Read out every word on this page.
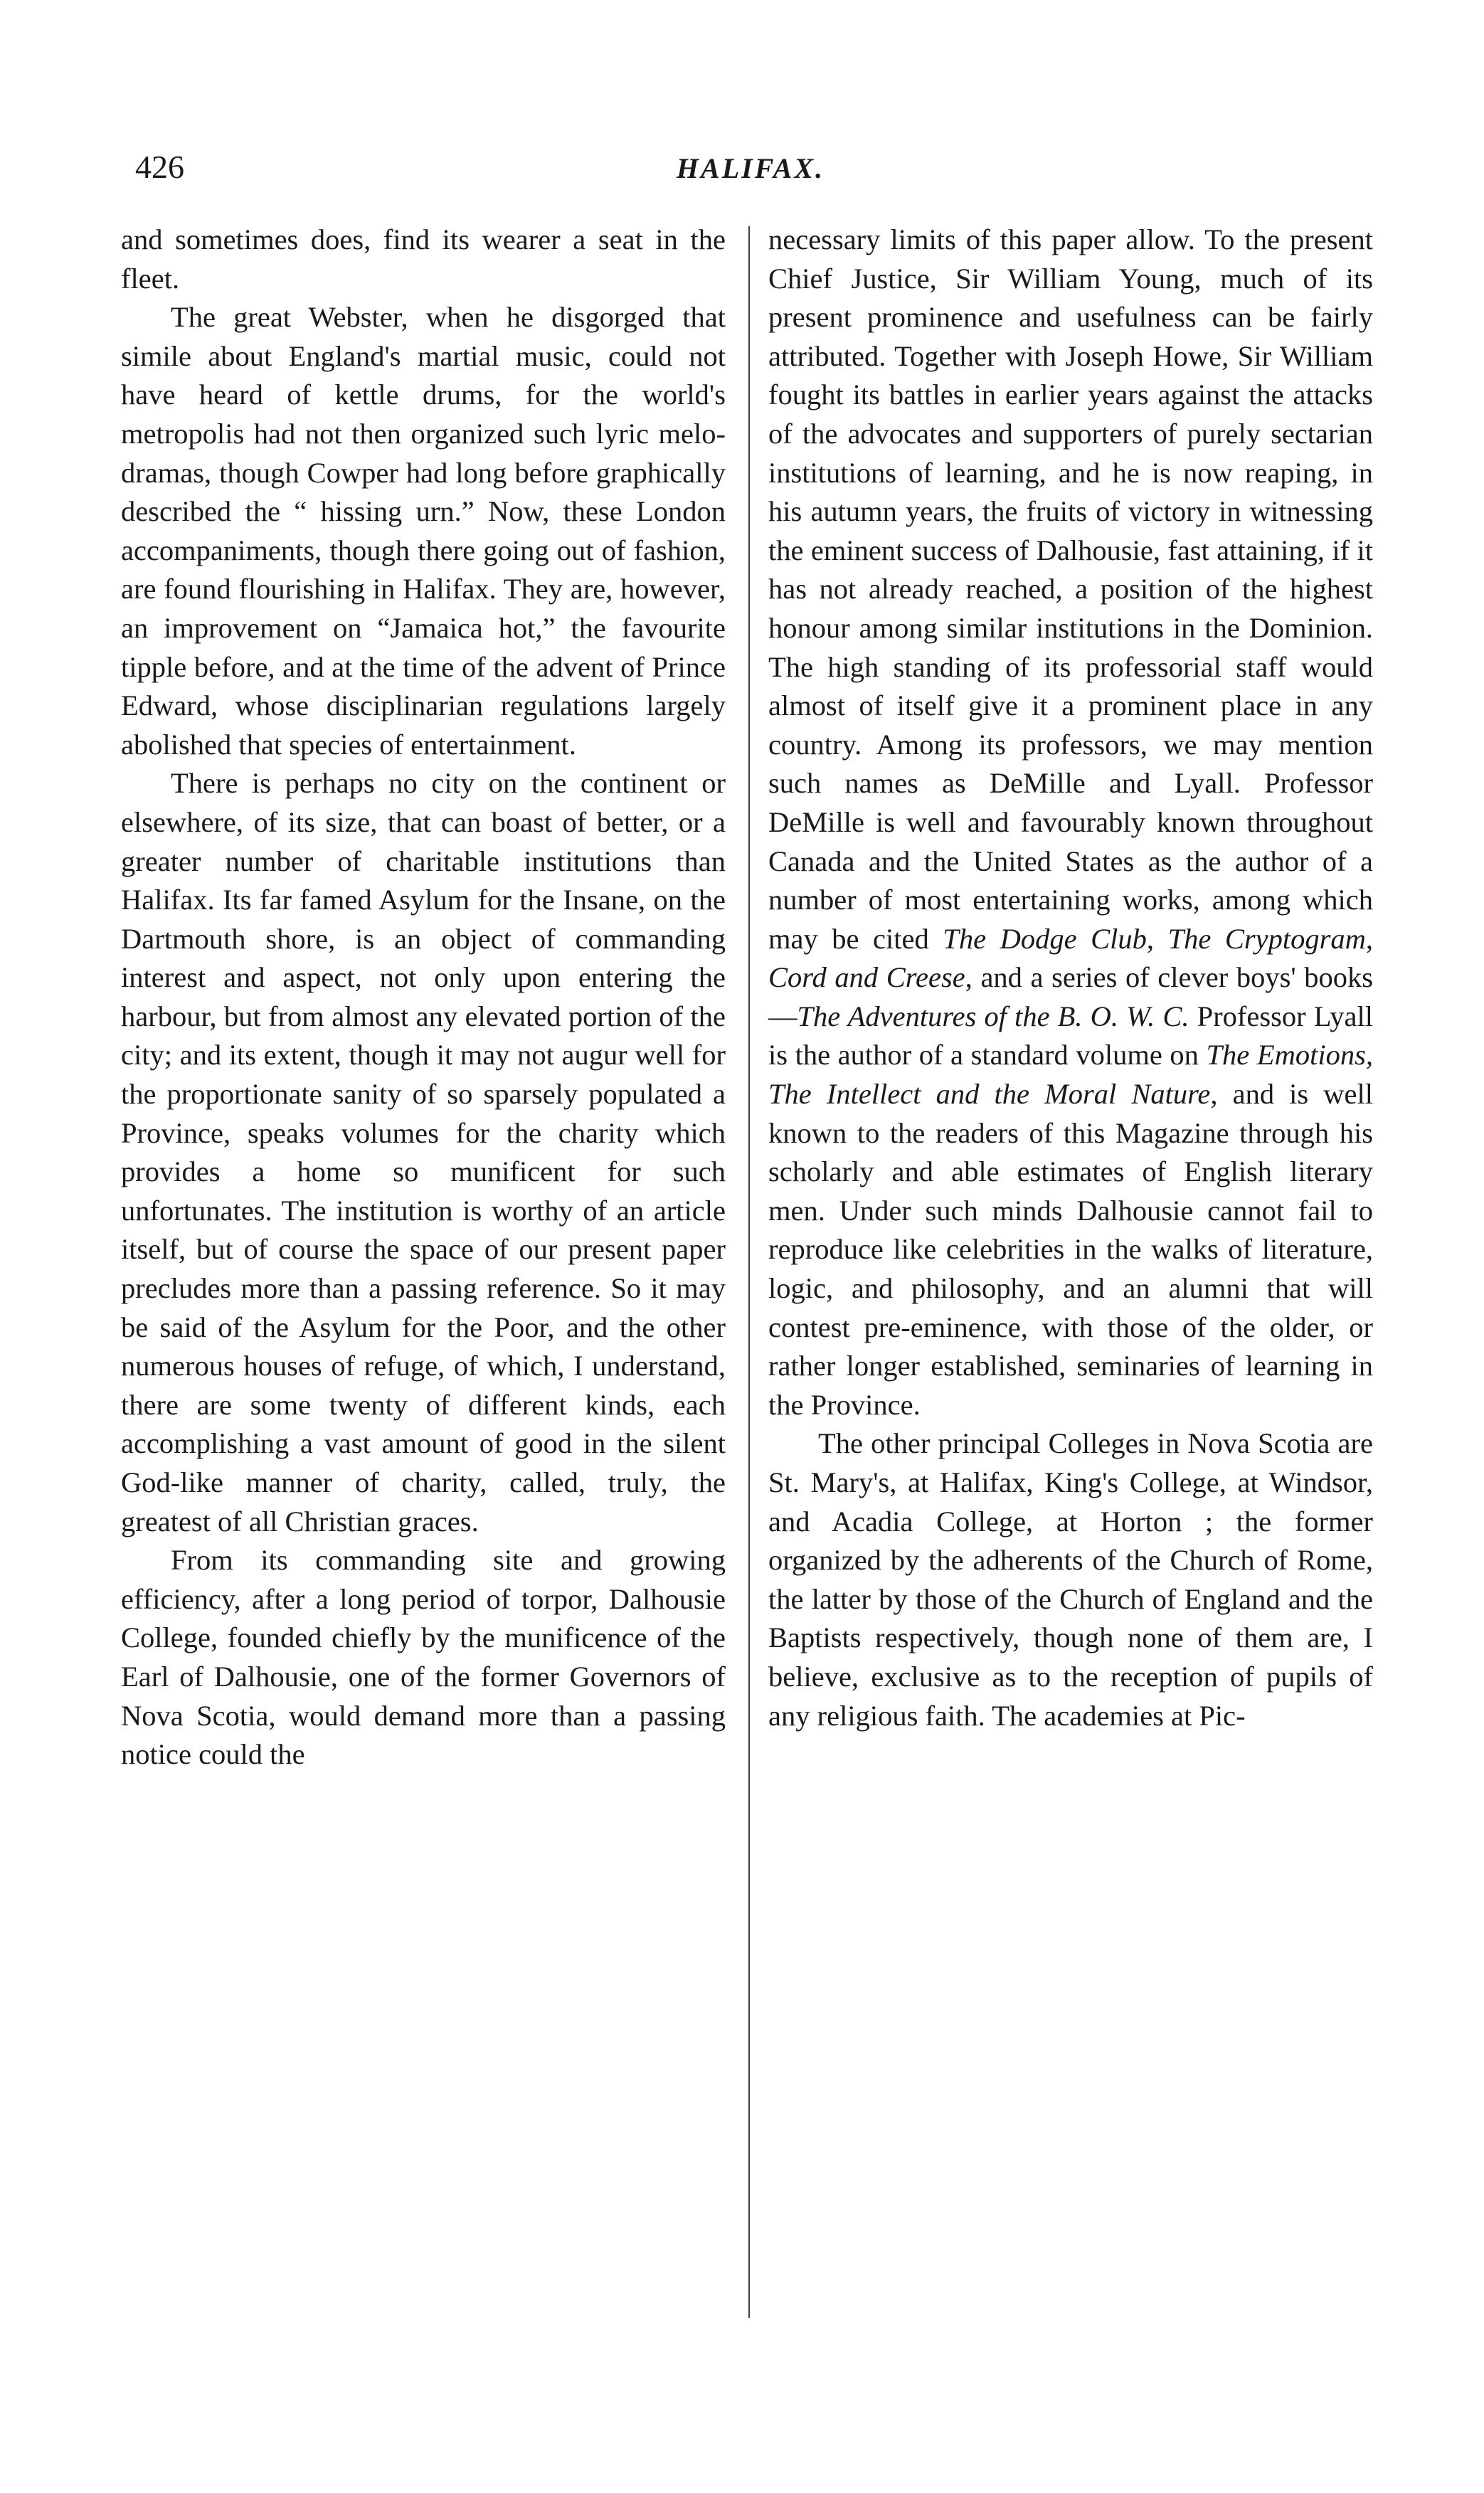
426	HALIFAX.

and sometimes does, find its wearer a seat in the fleet.

The great Webster, when he disgorged that simile about England's martial music, could not have heard of kettle drums, for the world's metropolis had not then organized such lyric melo-dramas, though Cowper had long before graphically described the “ hissing urn.” Now, these London accompaniments, though there going out of fashion, are found flourishing in Halifax. They are, however, an improvement on “Jamaica hot,” the favourite tipple before, and at the time of the advent of Prince Edward, whose disciplinarian regulations largely abolished that species of entertainment.

There is perhaps no city on the continent or elsewhere, of its size, that can boast of better, or a greater number of charitable institutions than Halifax. Its far famed Asylum for the Insane, on the Dartmouth shore, is an object of commanding interest and aspect, not only upon entering the harbour, but from almost any elevated portion of the city; and its extent, though it may not augur well for the proportionate sanity of so sparsely populated a Province, speaks volumes for the charity which provides a home so munificent for such unfortunates. The institution is worthy of an article itself, but of course the space of our present paper precludes more than a passing reference. So it may be said of the Asylum for the Poor, and the other numerous houses of refuge, of which, I understand, there are some twenty of different kinds, each accomplishing a vast amount of good in the silent God-like manner of charity, called, truly, the greatest of all Christian graces.

From its commanding site and growing efficiency, after a long period of torpor, Dalhousie College, founded chiefly by the munificence of the Earl of Dalhousie, one of the former Governors of Nova Scotia, would demand more than a passing notice could the

necessary limits of this paper allow. To the present Chief Justice, Sir William Young, much of its present prominence and usefulness can be fairly attributed. Together with Joseph Howe, Sir William fought its battles in earlier years against the attacks of the advocates and supporters of purely sectarian institutions of learning, and he is now reaping, in his autumn years, the fruits of victory in witnessing the eminent success of Dalhousie, fast attaining, if it has not already reached, a position of the highest honour among similar institutions in the Dominion. The high standing of its professorial staff would almost of itself give it a prominent place in any country. Among its professors, we may mention such names as DeMille and Lyall. Professor DeMille is well and favourably known throughout Canada and the United States as the author of a number of most entertaining works, among which may be cited The Dodge Club, The Cryptogram, Cord and Creese, and a series of clever boys' books—The Adventures of the B. O. W. C. Professor Lyall is the author of a standard volume on The Emotions, The Intellect and the Moral Nature, and is well known to the readers of this Magazine through his scholarly and able estimates of English literary men. Under such minds Dalhousie cannot fail to reproduce like celebrities in the walks of literature, logic, and philosophy, and an alumni that will contest pre-eminence, with those of the older, or rather longer established, seminaries of learning in the Province.

The other principal Colleges in Nova Scotia are St. Mary's, at Halifax, King's College, at Windsor, and Acadia College, at Horton ; the former organized by the adherents of the Church of Rome, the latter by those of the Church of England and the Baptists respectively, though none of them are, I believe, exclusive as to the reception of pupils of any religious faith. The academies at Pic-
